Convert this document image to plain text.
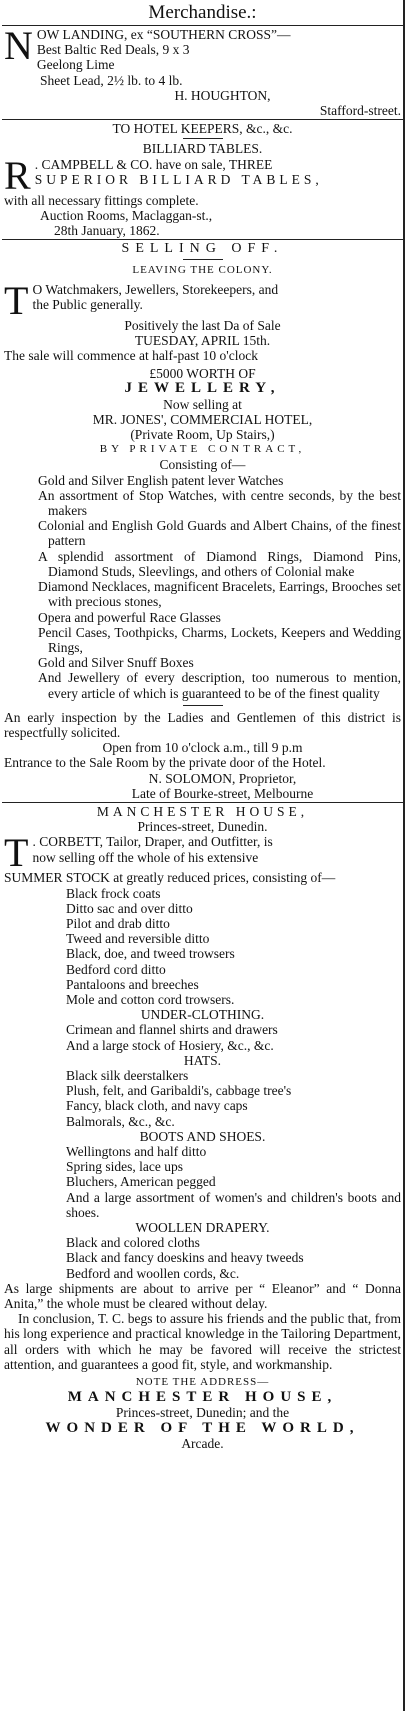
Merchandise.:
N OW LANDING, ex “SOUTHERN CROSS”—
Best Baltic Red Deals, 9 x 3
Geelong Lime
Sheet Lead, 2½ lb. to 4 lb.
H. HOUGHTON,
Stafford-street.
TO HOTEL KEEPERS, &c., &c.
BILLIARD TABLES.
R . CAMPBELL & CO. have on sale, THREE
SUPERIOR BILLIARD TABLES,
with all necessary fittings complete.
Auction Rooms, Maclaggan-st.,
28th January, 1862.
SELLING OFF.
LEAVING THE COLONY.
T O Watchmakers, Jewellers, Storekeepers, and
the Public generally.
Positively the last Da of Sale
TUESDAY, APRIL 15th.
The sale will commence at half-past 10 o'clock
£5000 WORTH OF
JEWELLERY,
Now selling at
MR. JONES', COMMERCIAL HOTEL,
(Private Room, Up Stairs,)
BY PRIVATE CONTRACT,
Consisting of—
Gold and Silver English patent lever Watches
An assortment of Stop Watches, with centre seconds, by the best makers
Colonial and English Gold Guards and Albert Chains, of the finest pattern
A splendid assortment of Diamond Rings, Diamond Pins, Diamond Studs, Sleevlings, and others of Colonial make
Diamond Necklaces, magnificent Bracelets, Earrings, Brooches set with precious stones,
Opera and powerful Race Glasses
Pencil Cases, Toothpicks, Charms, Lockets, Keepers and Wedding Rings,
Gold and Silver Snuff Boxes
And Jewellery of every description, too numerous to mention, every article of which is guaranteed to be of the finest quality
An early inspection by the Ladies and Gentlemen of this district is respectfully solicited.
Open from 10 o'clock a.m., till 9 p.m
Entrance to the Sale Room by the private door of the Hotel.
N. SOLOMON, Proprietor,
Late of Bourke-street, Melbourne
MANCHESTER HOUSE,
Princes-street, Dunedin.
T . CORBETT, Tailor, Draper, and Outfitter, is
now selling off the whole of his extensive
SUMMER STOCK at greatly reduced prices, consisting of—
Black frock coats
Ditto sac and over ditto
Pilot and drab ditto
Tweed and reversible ditto
Black, doe, and tweed trowsers
Bedford cord ditto
Pantaloons and breeches
Mole and cotton cord trowsers.
UNDER-CLOTHING.
Crimean and flannel shirts and drawers
And a large stock of Hosiery, &c., &c.
HATS.
Black silk deerstalkers
Plush, felt, and Garibaldi's, cabbage tree's
Fancy, black cloth, and navy caps
Balmorals, &c., &c.
BOOTS AND SHOES.
Wellingtons and half ditto
Spring sides, lace ups
Bluchers, American pegged
And a large assortment of women's and children's boots and shoes.
WOOLLEN DRAPERY.
Black and colored cloths
Black and fancy doeskins and heavy tweeds
Bedford and woollen cords, &c.
As large shipments are about to arrive per “ Eleanor” and “ Donna Anita,” the whole must be cleared without delay.
In conclusion, T. C. begs to assure his friends and the public that, from his long experience and practical knowledge in the Tailoring Department, all orders with which he may be favored will receive the strictest attention, and guarantees a good fit, style, and workmanship.
NOTE THE ADDRESS—
MANCHESTER HOUSE,
Princes-street, Dunedin; and the
WONDER OF THE WORLD,
Arcade.
